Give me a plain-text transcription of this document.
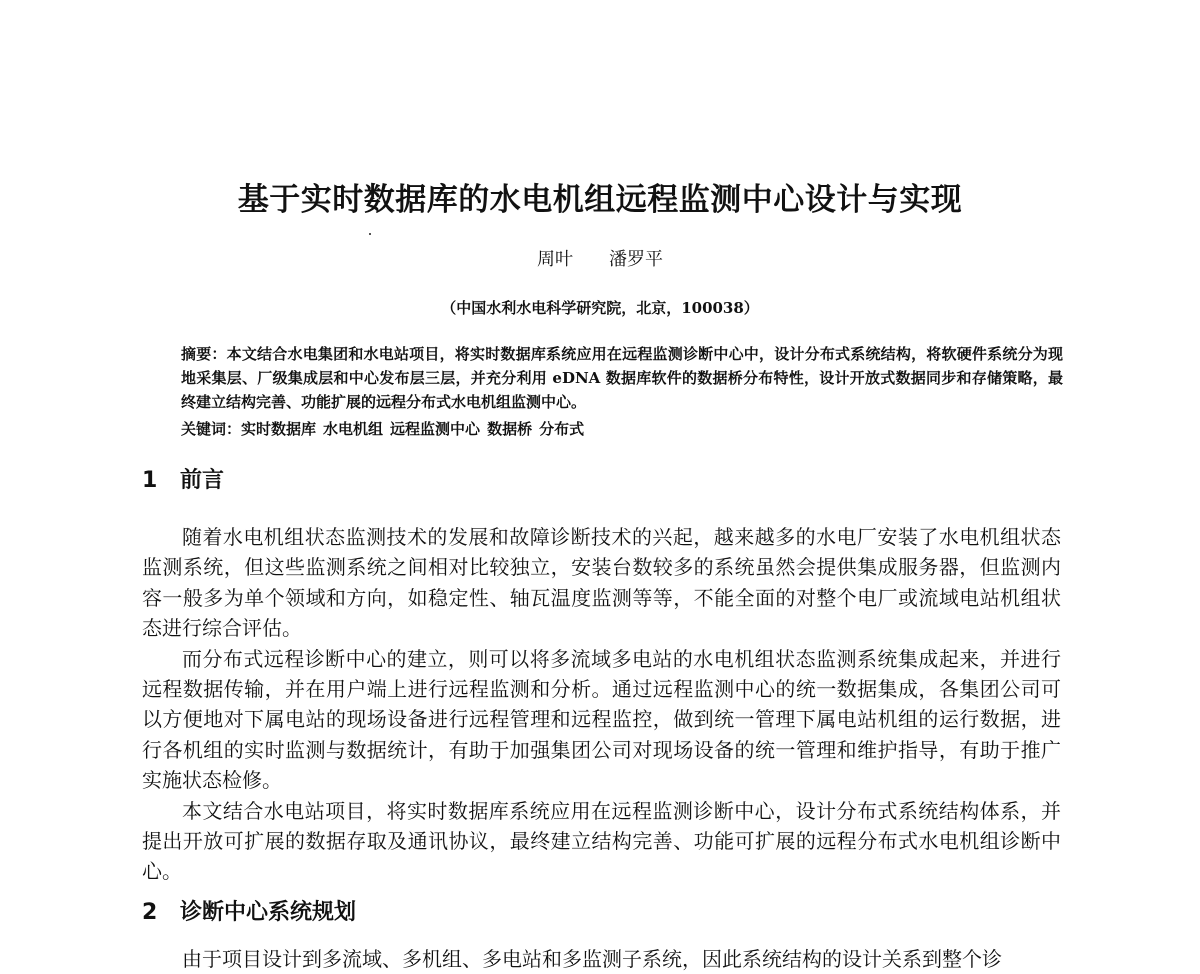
基于实时数据库的水电机组远程监测中心设计与实现
周叶 潘罗平
（中国水利水电科学研究院，北京，100038）
摘要：本文结合水电集团和水电站项目，将实时数据库系统应用在远程监测诊断中心中，设计分布式系统结构，将软硬件系统分为现地采集层、厂级集成层和中心发布层三层，并充分利用 eDNA 数据库软件的数据桥分布特性，设计开放式数据同步和存储策略，最终建立结构完善、功能扩展的远程分布式水电机组监测中心。
关键词：实时数据库 水电机组 远程监测中心 数据桥 分布式
1 前言

随着水电机组状态监测技术的发展和故障诊断技术的兴起，越来越多的水电厂安装了水电机组状态监测系统，但这些监测系统之间相对比较独立，安装台数较多的系统虽然会提供集成服务器，但监测内容一般多为单个领域和方向，如稳定性、轴瓦温度监测等等，不能全面的对整个电厂或流域电站机组状态进行综合评估。

而分布式远程诊断中心的建立，则可以将多流域多电站的水电机组状态监测系统集成起来，并进行远程数据传输，并在用户端上进行远程监测和分析。通过远程监测中心的统一数据集成，各集团公司可以方便地对下属电站的现场设备进行远程管理和远程监控，做到统一管理下属电站机组的运行数据，进行各机组的实时监测与数据统计，有助于加强集团公司对现场设备的统一管理和维护指导，有助于推广实施状态检修。

本文结合水电站项目，将实时数据库系统应用在远程监测诊断中心，设计分布式系统结构体系，并提出开放可扩展的数据存取及通讯协议，最终建立结构完善、功能可扩展的远程分布式水电机组诊断中心。

2 诊断中心系统规划
由于项目设计到多流域、多机组、多电站和多监测子系统，因此系统结构的设计关系到整个诊
